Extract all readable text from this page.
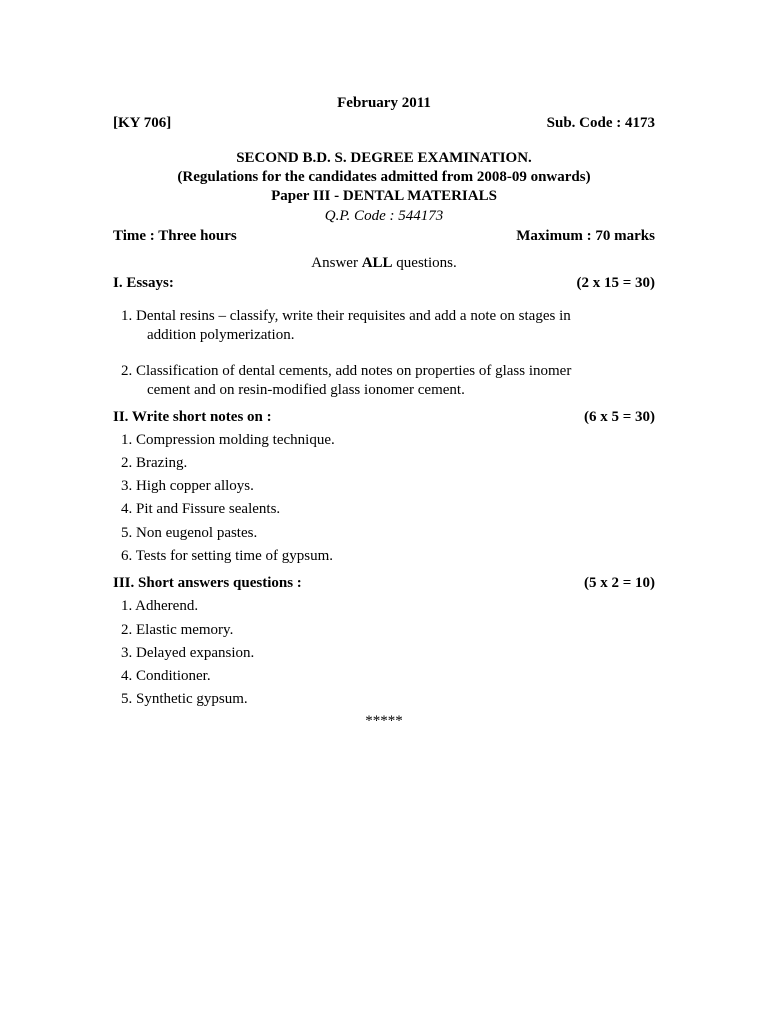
February 2011
[KY 706]	Sub. Code : 4173
SECOND B.D. S. DEGREE EXAMINATION.
(Regulations for the candidates admitted from 2008-09 onwards)
Paper III - DENTAL MATERIALS
Q.P. Code : 544173
Time : Three hours	Maximum : 70 marks
Answer ALL questions.
I. Essays:	(2 x 15 = 30)
1. Dental resins – classify, write their requisites and add a note on stages in
addition polymerization.
2. Classification of dental cements, add notes on properties of glass inomer
cement and on resin-modified glass ionomer cement.
II. Write short notes on :	(6 x 5 = 30)
1. Compression molding technique.
2. Brazing.
3. High copper alloys.
4. Pit and Fissure sealents.
5. Non eugenol pastes.
6. Tests for setting time of gypsum.
III. Short answers questions :	(5 x 2 = 10)
1. Adherend.
2. Elastic memory.
3. Delayed expansion.
4. Conditioner.
5. Synthetic gypsum.
*****
